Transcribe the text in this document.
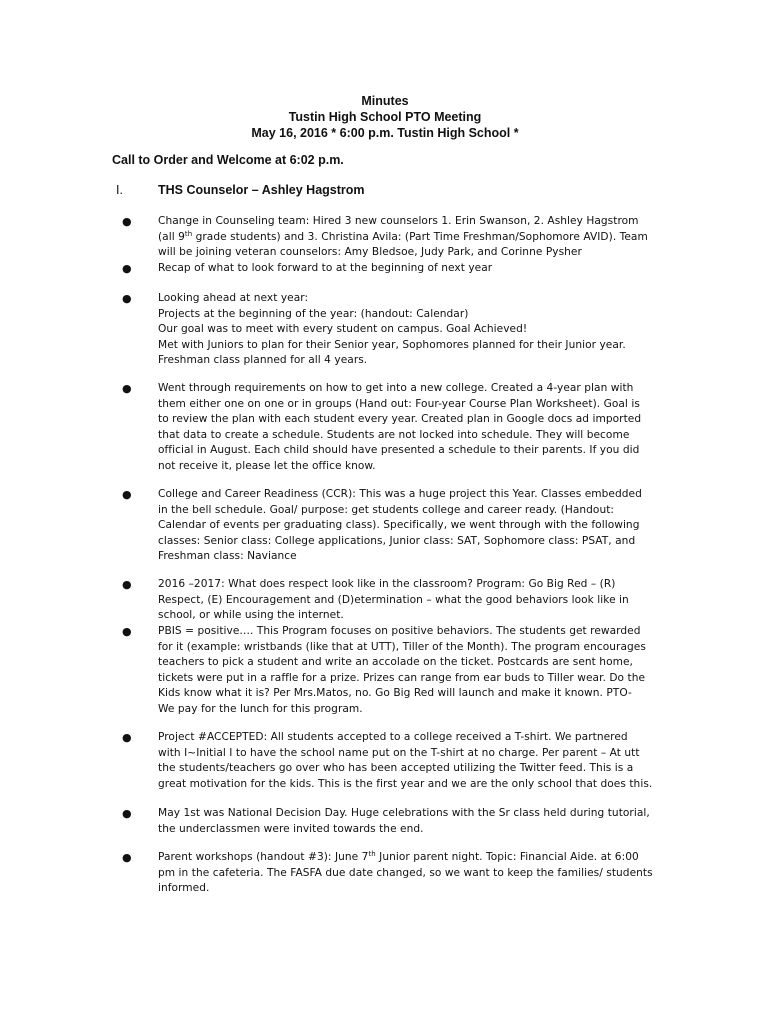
Minutes
Tustin High School PTO Meeting
May 16, 2016 * 6:00 p.m. Tustin High School *
Call to Order and Welcome at 6:02 p.m.
I.	THS Counselor – Ashley Hagstrom
● Change in Counseling team: Hired 3 new counselors 1. Erin Swanson, 2. Ashley Hagstrom

(all 9th grade students) and 3. Christina Avila: (Part Time Freshman/Sophomore AVID). Team

will be joining veteran counselors: Amy Bledsoe, Judy Park, and Corinne Pysher

● Recap of what to look forward to at the beginning of next year

● Looking ahead at next year:

Projects at the beginning of the year: (handout: Calendar)

Our goal was to meet with every student on campus. Goal Achieved!

Met with Juniors to plan for their Senior year, Sophomores planned for their Junior year.

Freshman class planned for all 4 years.

● Went through requirements on how to get into a new college. Created a 4-year plan with

them either one on one or in groups (Hand out: Four-year Course Plan Worksheet). Goal is

to review the plan with each student every year. Created plan in Google docs ad imported

that data to create a schedule. Students are not locked into schedule. They will become

official in August. Each child should have presented a schedule to their parents. If you did

not receive it, please let the office know.

● College and Career Readiness (CCR): This was a huge project this Year. Classes embedded

in the bell schedule. Goal/ purpose: get students college and career ready. (Handout:

Calendar of events per graduating class). Specifically, we went through with the following

classes: Senior class: College applications, Junior class: SAT, Sophomore class: PSAT, and

Freshman class: Naviance

● 2016 –2017: What does respect look like in the classroom? Program: Go Big Red – (R)

Respect, (E) Encouragement and (D)etermination – what the good behaviors look like in

school, or while using the internet.

● PBIS = positive…. This Program focuses on positive behaviors. The students get rewarded

for it (example: wristbands (like that at UTT), Tiller of the Month). The program encourages

teachers to pick a student and write an accolade on the ticket. Postcards are sent home,

tickets were put in a raffle for a prize. Prizes can range from ear buds to Tiller wear. Do the

Kids know what it is? Per Mrs.Matos, no. Go Big Red will launch and make it known. PTO-

We pay for the lunch for this program.

● Project #ACCEPTED: All students accepted to a college received a T-shirt. We partnered

with I~Initial I to have the school name put on the T-shirt at no charge. Per parent – At utt

the students/teachers go over who has been accepted utilizing the Twitter feed. This is a

great motivation for the kids. This is the first year and we are the only school that does this.

● May 1st was National Decision Day. Huge celebrations with the Sr class held during tutorial,

the underclassmen were invited towards the end.

● Parent workshops (handout #3): June 7th Junior parent night. Topic: Financial Aide. at 6:00

pm in the cafeteria. The FASFA due date changed, so we want to keep the families/ students

informed.
